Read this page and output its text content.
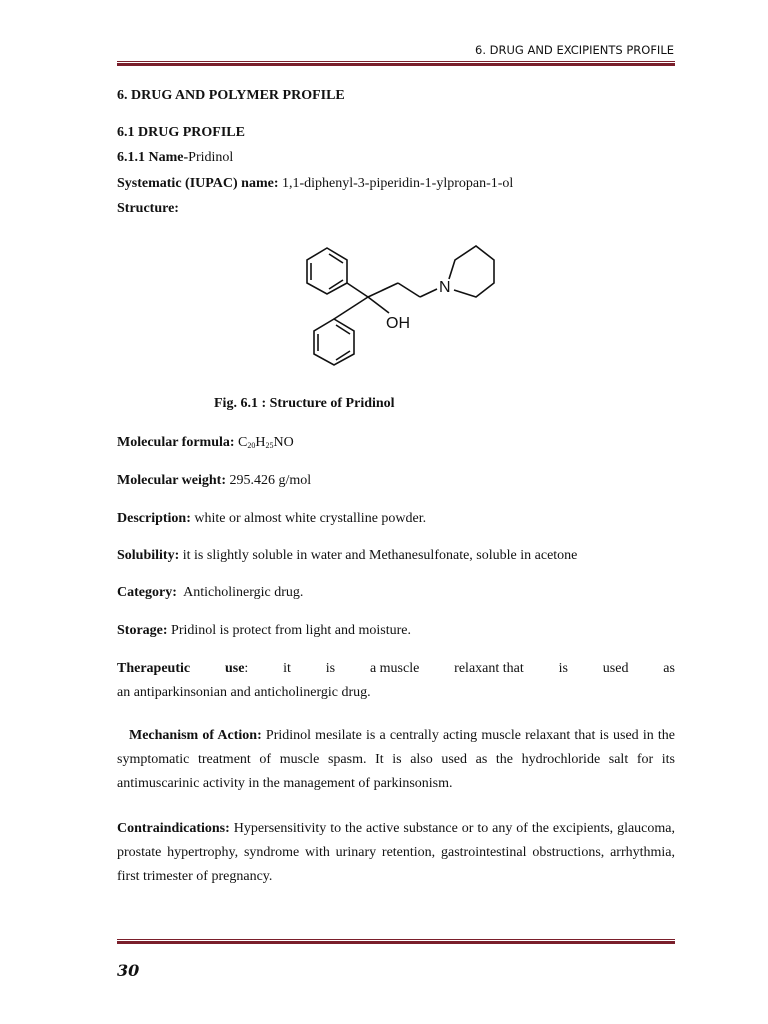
6. DRUG AND EXCIPIENTS PROFILE
6. DRUG AND POLYMER PROFILE
6.1 DRUG PROFILE
6.1.1 Name-Pridinol
Systematic (IUPAC) name: 1,1-diphenyl-3-piperidin-1-ylpropan-1-ol
Structure:
N
OH
Fig. 6.1 : Structure of Pridinol
Molecular formula: $C_{20}H_{25}NO$
Molecular weight: 295.426 g/mol
Description: white or almost white crystalline powder.
Solubility: it is slightly soluble in water and Methanesulfonate, soluble in acetone
Category: Anticholinergic drug.
Storage: Pridinol is protect from light and moisture.
Therapeutic use: it is a muscle relaxant that is used as
an antiparkinsonian and anticholinergic drug.
Mechanism of Action: Pridinol mesilate is a centrally acting muscle relaxant that is used in the symptomatic treatment of muscle spasm. It is also used as the hydrochloride salt for its antimuscarinic activity in the management of parkinsonism.
Contraindications: Hypersensitivity to the active substance or to any of the excipients, glaucoma, prostate hypertrophy, syndrome with urinary retention, gastrointestinal obstructions, arrhythmia, first trimester of pregnancy.
30
